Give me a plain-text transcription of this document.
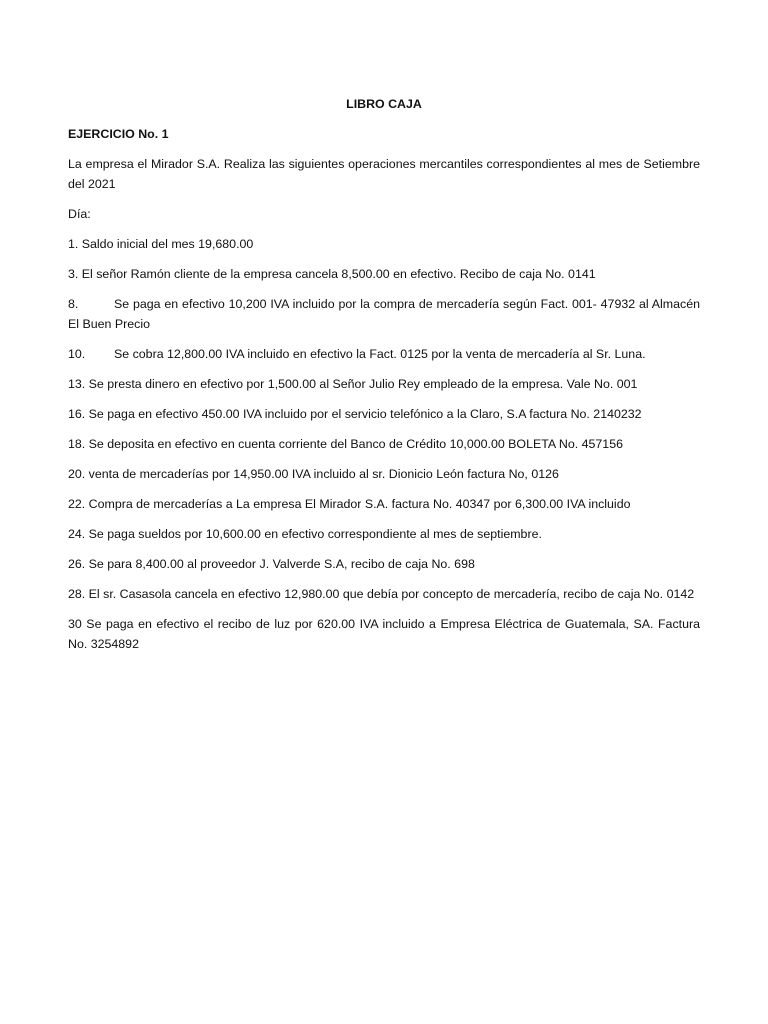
LIBRO CAJA
EJERCICIO No. 1
La empresa el Mirador S.A. Realiza las siguientes operaciones mercantiles correspondientes al mes de Setiembre del 2021
Día:
1. Saldo inicial del mes 19,680.00
3. El señor Ramón cliente de la empresa cancela 8,500.00 en efectivo. Recibo de caja No. 0141
8.	Se paga en efectivo 10,200 IVA incluido por la compra de mercadería según Fact. 001- 47932 al Almacén El Buen Precio
10. Se cobra 12,800.00 IVA incluido en efectivo la Fact. 0125 por la venta de mercadería al Sr. Luna.
13. Se presta dinero en efectivo por 1,500.00 al Señor Julio Rey empleado de la empresa. Vale No. 001
16. Se paga en efectivo 450.00 IVA incluido por el servicio telefónico a la Claro, S.A factura No. 2140232
18. Se deposita en efectivo en cuenta corriente del Banco de Crédito 10,000.00 BOLETA No. 457156
20. venta de mercaderías por 14,950.00 IVA incluido al sr. Dionicio León factura No, 0126
22. Compra de mercaderías a La empresa El Mirador S.A. factura No. 40347 por 6,300.00 IVA incluido
24. Se paga sueldos por 10,600.00 en efectivo correspondiente al mes de septiembre.
26. Se para 8,400.00 al proveedor J. Valverde S.A, recibo de caja No. 698
28. El sr. Casasola cancela en efectivo 12,980.00 que debía por concepto de mercadería, recibo de caja No. 0142
30 Se paga en efectivo el recibo de luz por 620.00 IVA incluido a Empresa Eléctrica de Guatemala, SA. Factura No. 3254892
